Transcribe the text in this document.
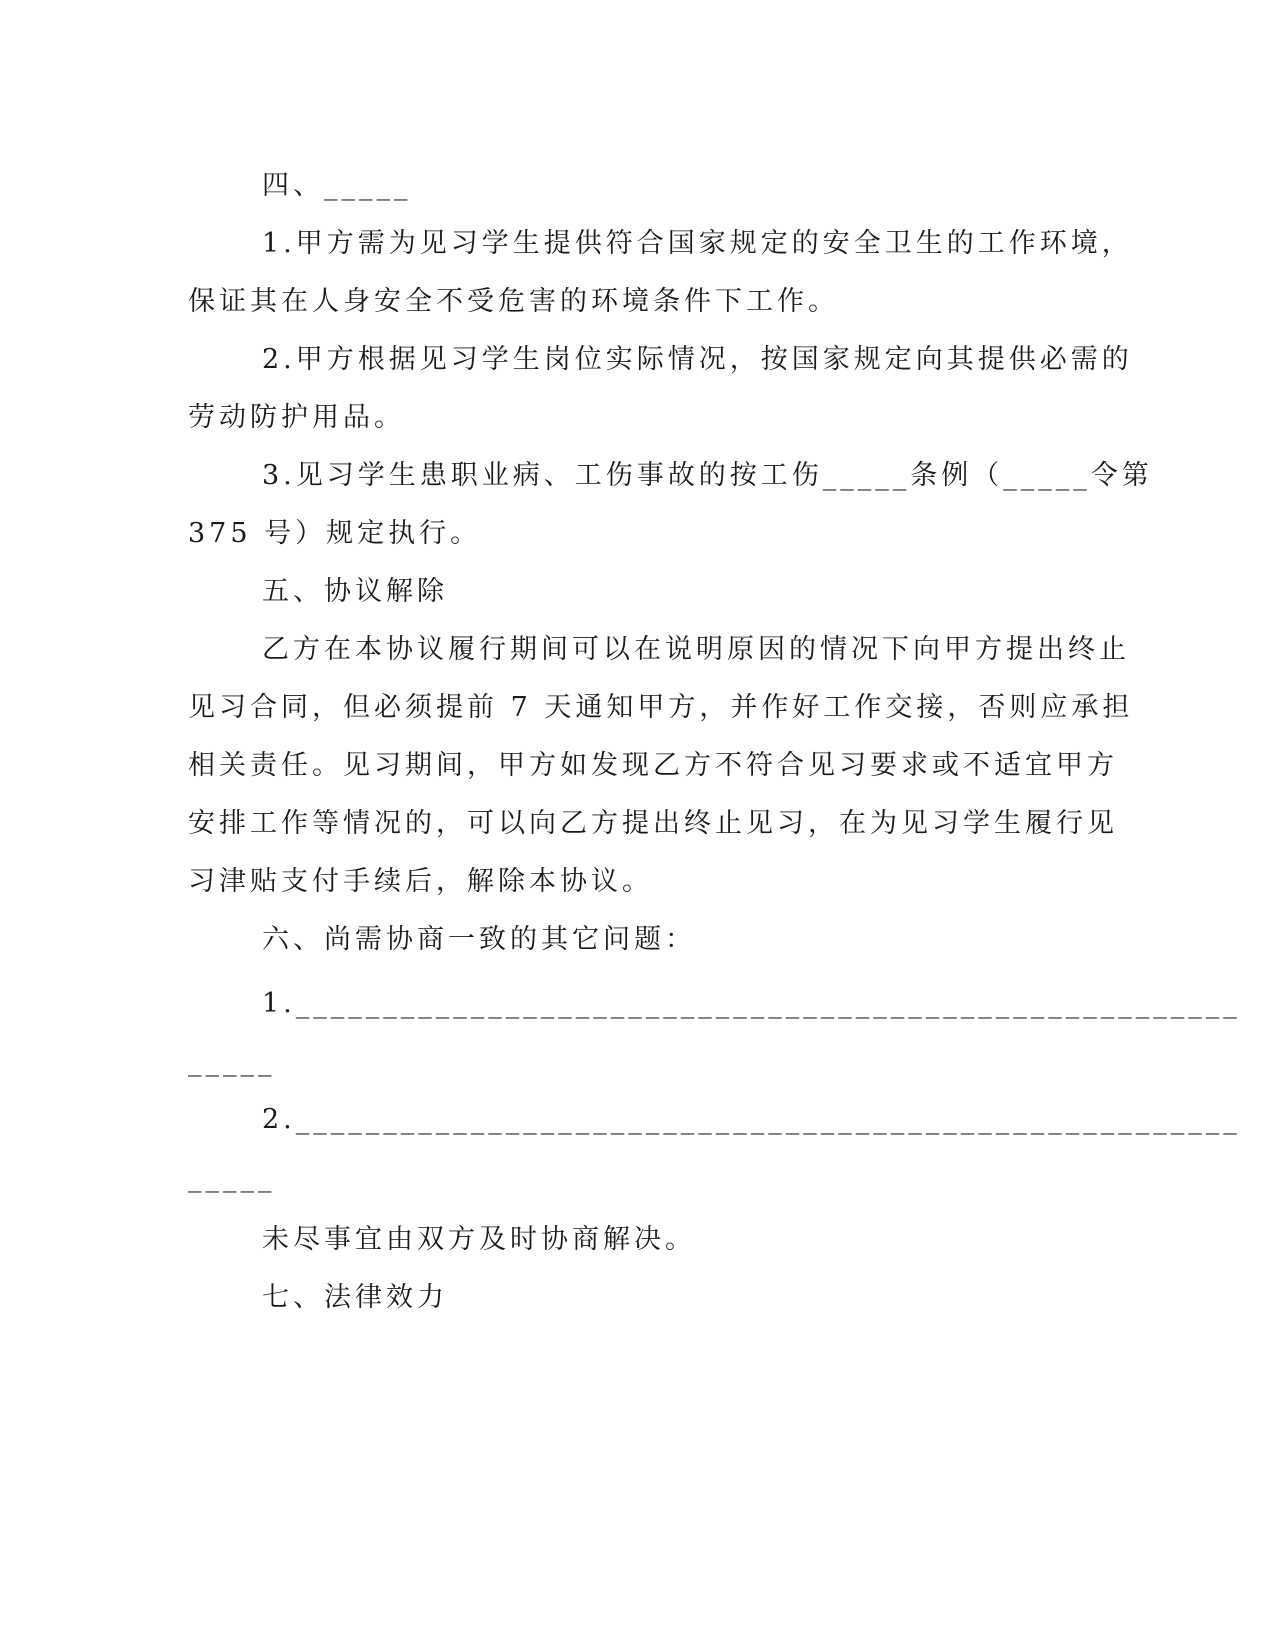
四、_____
1.甲方需为见习学生提供符合国家规定的安全卫生的工作环境，
保证其在人身安全不受危害的环境条件下工作。
2.甲方根据见习学生岗位实际情况，按国家规定向其提供必需的
劳动防护用品。
3.见习学生患职业病、工伤事故的按工伤_____条例（_____令第
375 号）规定执行。
五、协议解除
乙方在本协议履行期间可以在说明原因的情况下向甲方提出终止
见习合同，但必须提前 7 天通知甲方，并作好工作交接，否则应承担
相关责任。见习期间，甲方如发现乙方不符合见习要求或不适宜甲方
安排工作等情况的，可以向乙方提出终止见习，在为见习学生履行见
习津贴支付手续后，解除本协议。
六、尚需协商一致的其它问题：
1.______________________________________________________
_____
2.______________________________________________________
_____
未尽事宜由双方及时协商解决。
七、法律效力
